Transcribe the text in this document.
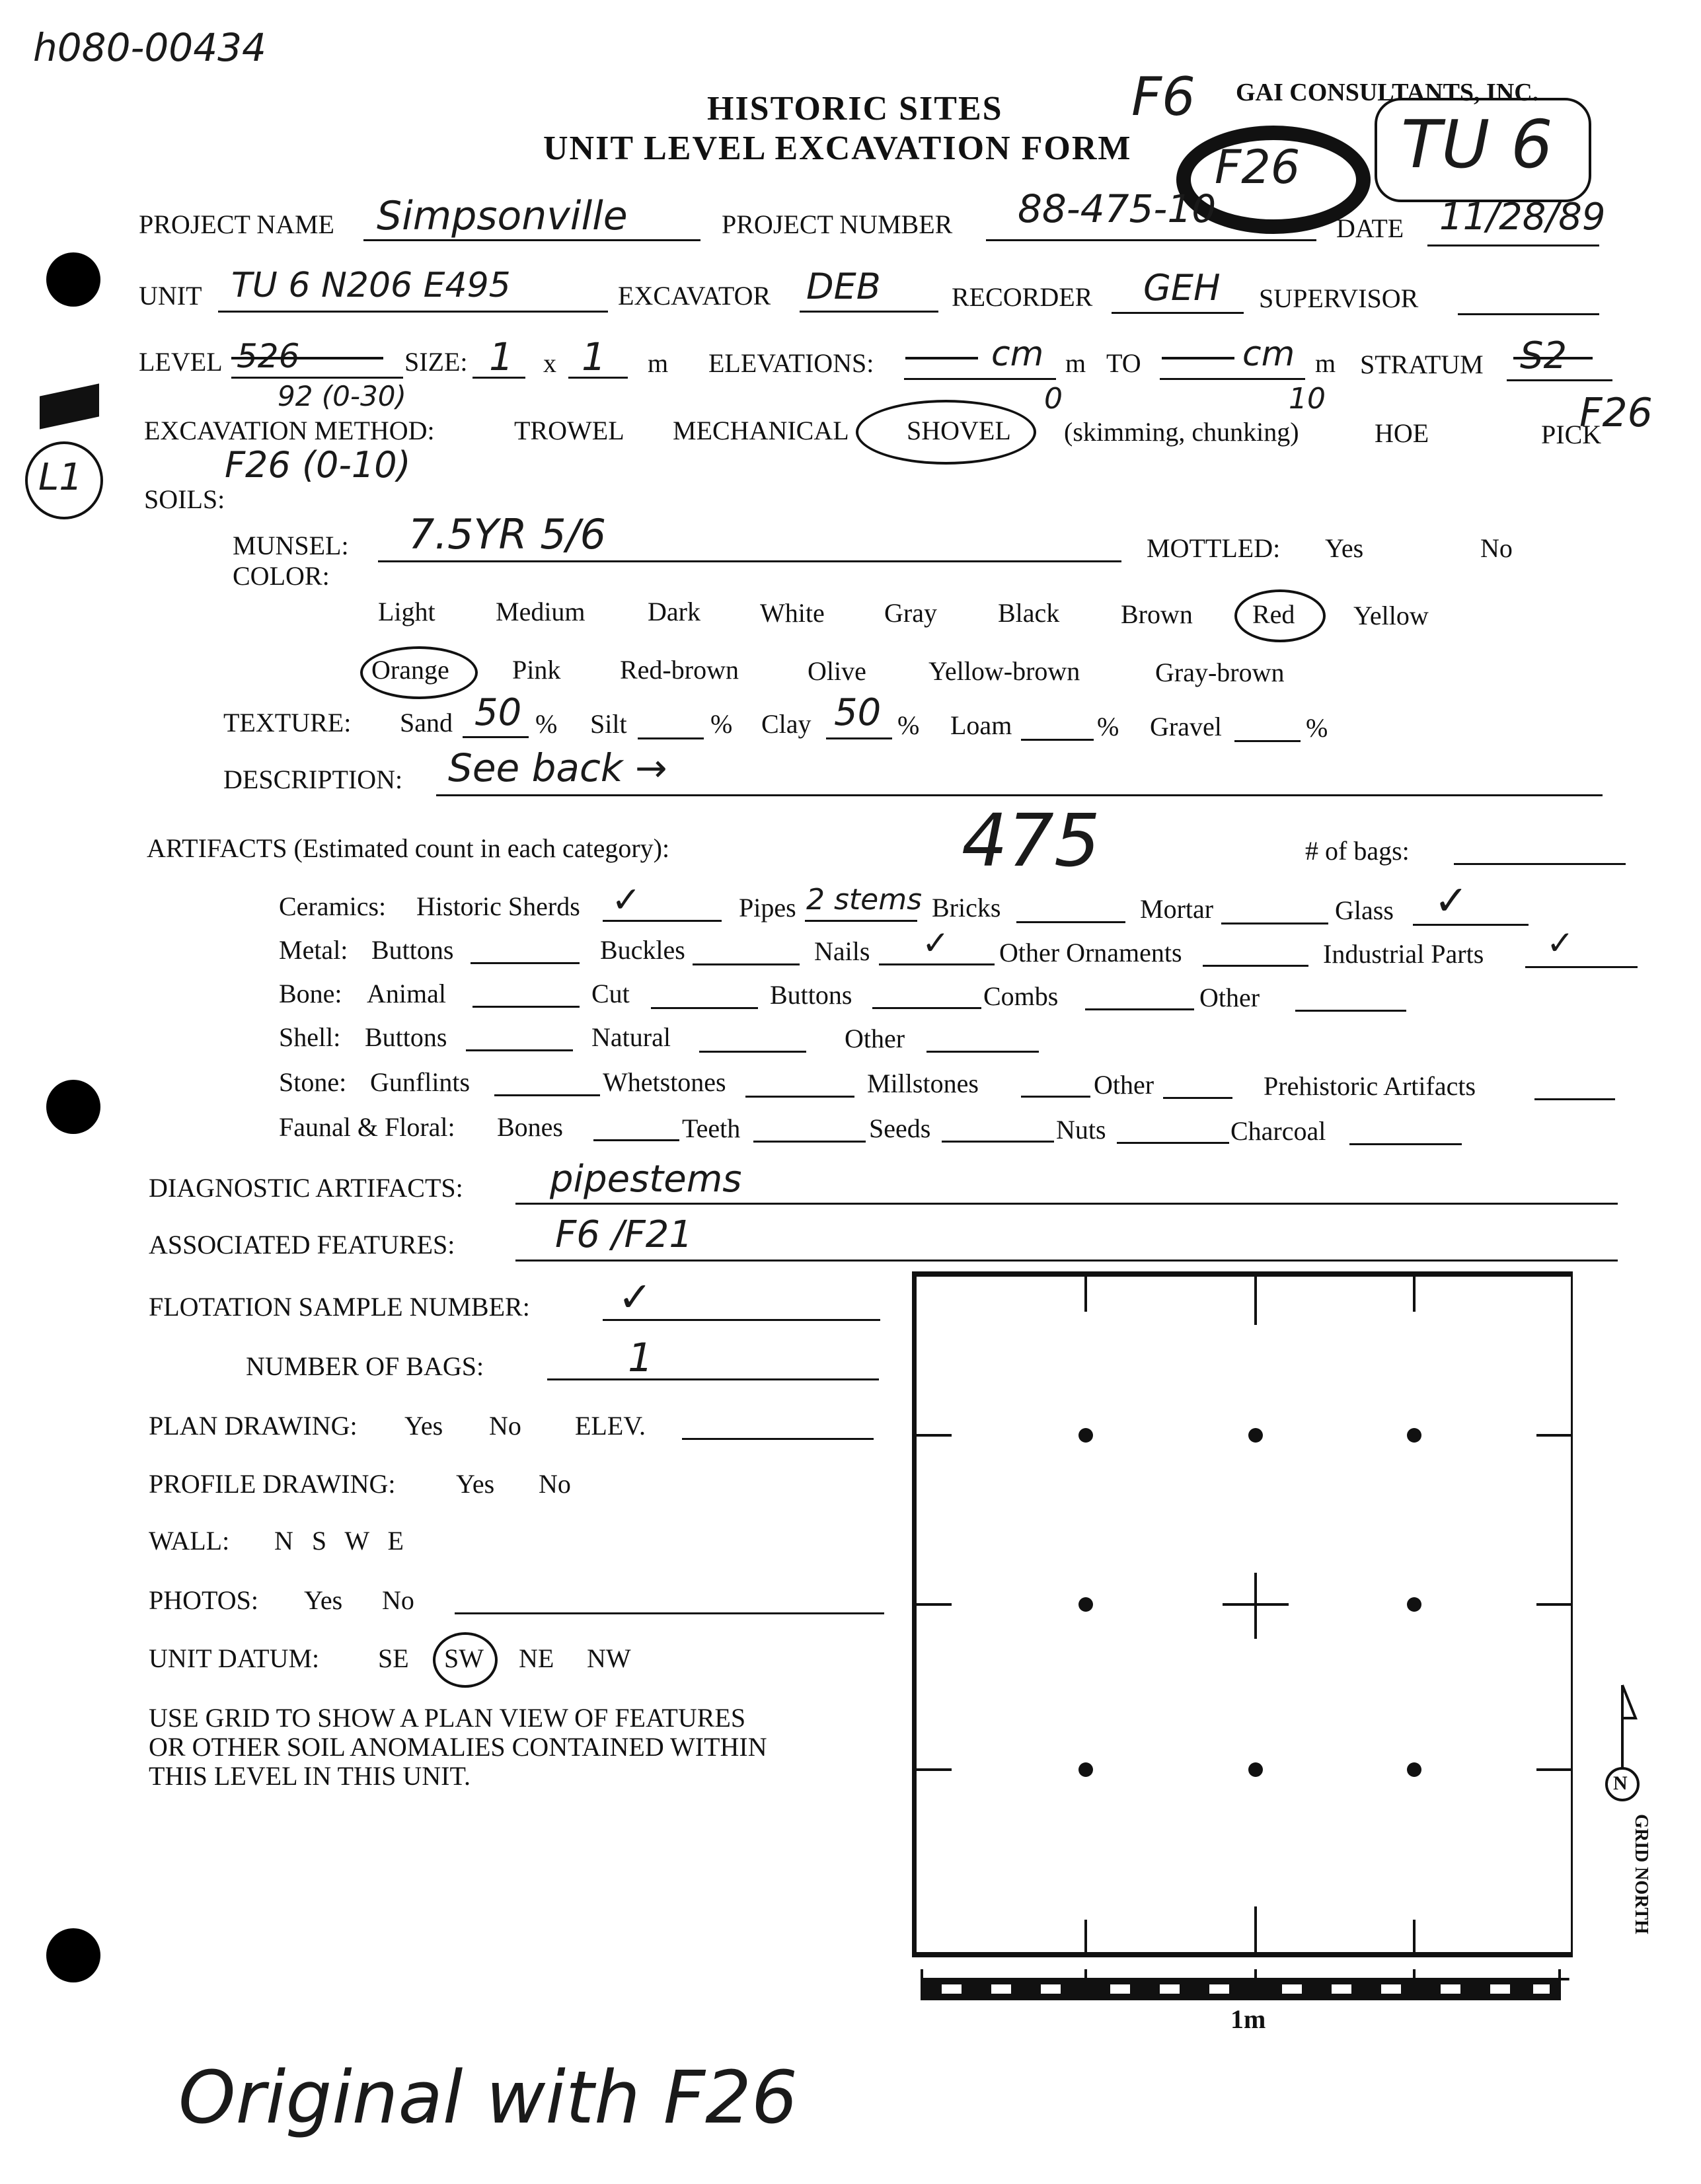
h080-00434
HISTORIC SITES
UNIT LEVEL EXCAVATION FORM
GAI CONSULTANTS, INC.
F6
F26 TU 6
PROJECT NAME Simpsonville	PROJECT NUMBER 88-475-10	DATE 11/28/89
UNIT TU 6 N206 E495	EXCAVATOR DEB	RECORDER GEH SUPERVISOR
LEVEL 526
92 (0-30)
SIZE: 1 x 1 m ELEVATIONS:	cm
0
m TO	cm
10
m STRATUM S2
EXCAVATION METHOD:	TROWEL MECHANICAL SHOVEL (skimming, chunking)	HOE	PICK
F26
F26 (0-10)
L1
SOILS:
MUNSEL:
COLOR:
7.5YR 5/6	MOTTLED: Yes	No
Light Medium Dark White Gray Black Brown Red Yellow
Orange Pink Red-brown	Olive Yellow-brown	Gray-brown
TEXTURE: Sand 50 % Silt	% Clay 50 % Loam	% Gravel	%
DESCRIPTION: See back →
ARTIFACTS (Estimated count in each category):	475	# of bags:
Ceramics: Historic Sherds ✓	Pipes 2 stems Bricks	Mortar	Glass ✓
Metal: Buttons	Buckles	Nails ✓ Other Ornaments	Industrial Parts ✓
Bone: Animal	Cut	Buttons	Combs	Other
Shell: Buttons	Natural	Other
Stone: Gunflints	Whetstones	Millstones	Other	Prehistoric Artifacts
Faunal & Floral: Bones	Teeth	Seeds	Nuts	Charcoal
DIAGNOSTIC ARTIFACTS: pipestems
ASSOCIATED FEATURES:	F6 /F21
FLOTATION SAMPLE NUMBER: ✓
NUMBER OF BAGS:	1
PLAN DRAWING: Yes No ELEV.
PROFILE DRAWING: Yes No
WALL: N S W E
PHOTOS: Yes No
UNIT DATUM: SE SW NE NW
USE GRID TO SHOW A PLAN VIEW OF FEATURES
OR OTHER SOIL ANOMALIES CONTAINED WITHIN
THIS LEVEL IN THIS UNIT.
1m
N
GRID NORTH
Original with F26
